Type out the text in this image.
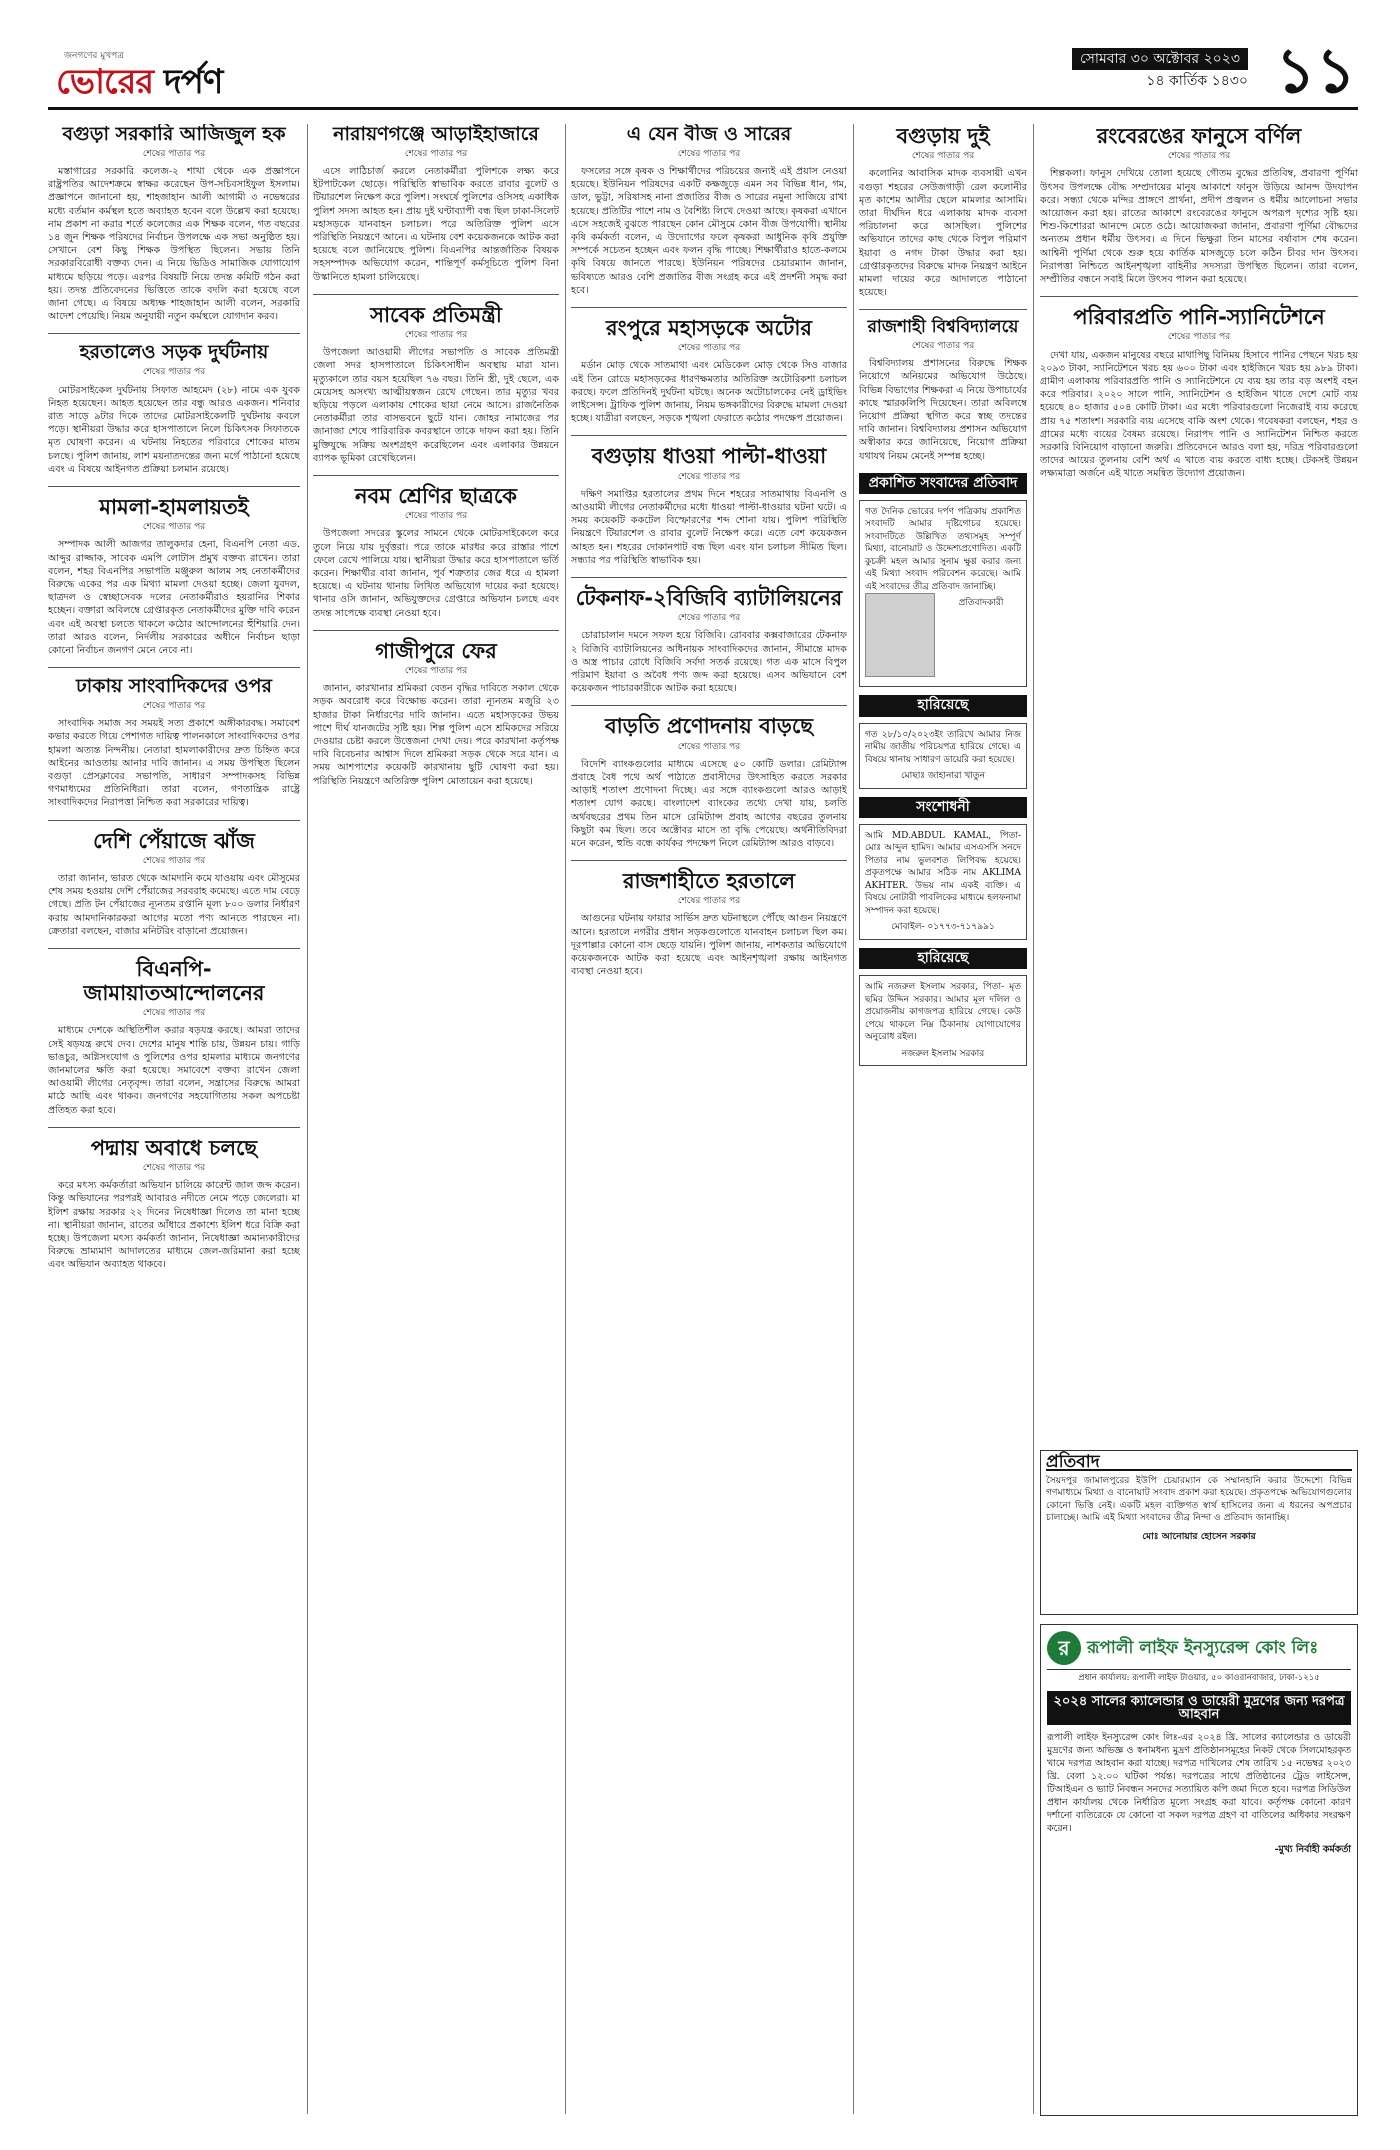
জনগণের মুখপত্র
ভোরের দর্পণ
সোমবার ৩০ অক্টোবর ২০২৩
১৪ কার্তিক ১৪৩০ ১১
বগুড়া সরকারি আজিজুল হক
শেষের পাতার পর

মস্তাগারের সরকারি কলেজ-২ শাখা থেকে এক প্রজ্ঞাপনে রাষ্ট্রপতির আদেশক্রমে স্বাক্ষর করেছেন উপ-সচিবসাইফুল ইসলাম। প্রজ্ঞাপনে জানানো হয়, শাহজাহান আলী আগামী ৩ নভেম্বরের মধ্যে বর্তমান কর্মস্থল হতে অব্যাহত হবেন বলে উল্লেখ করা হয়েছে। নাম প্রকাশ না করার শর্তে কলেজের এক শিক্ষক বলেন, গত বছরের ১৪ জুন শিক্ষক পরিষদের নির্বাচন উপলক্ষে এক সভা অনুষ্ঠিত হয়। সেখানে বেশ কিছু শিক্ষক উপস্থিত ছিলেন। সভায় তিনি সরকারবিরোধী বক্তব্য দেন। এ নিয়ে ভিডিও সামাজিক যোগাযোগ মাধ্যমে ছড়িয়ে পড়ে। এরপর বিষয়টি নিয়ে তদন্ত কমিটি গঠন করা হয়। তদন্ত প্রতিবেদনের ভিত্তিতে তাকে বদলি করা হয়েছে বলে জানা গেছে। এ বিষয়ে অধ্যক্ষ শাহজাহান আলী বলেন, সরকারি আদেশ পেয়েছি। নিয়ম অনুযায়ী নতুন কর্মস্থলে যোগদান করব।

হরতালেও সড়ক দুর্ঘটনায়
শেষের পাতার পর

মোটরসাইকেল দুর্ঘটনায় সিফাত আহমেদ (২৮) নামে এক যুবক নিহত হয়েছেন। আহত হয়েছেন তার বন্ধু আরও একজন। শনিবার রাত সাড়ে ৯টার দিকে তাদের মোটরসাইকেলটি দুর্ঘটনায় কবলে পড়ে। স্থানীয়রা উদ্ধার করে হাসপাতালে নিলে চিকিৎসক সিফাতকে মৃত ঘোষণা করেন। এ ঘটনায় নিহতের পরিবারে শোকের মাতম চলছে। পুলিশ জানায়, লাশ ময়নাতদন্তের জন্য মর্গে পাঠানো হয়েছে এবং এ বিষয়ে আইনগত প্রক্রিয়া চলমান রয়েছে।

মামলা-হামলায়তই
শেষের পাতার পর

সম্পাদক আলী আজগর তালুকদার হেনা, বিএনপি নেতা এড. আব্দুর রাজ্জাক, সাবেক এমপি লোটাস প্রমুখ বক্তব্য রাখেন। তারা বলেন, শহর বিএনপির সভাপতি মঞ্জুরুল আলম সহ নেতাকর্মীদের বিরুদ্ধে একের পর এক মিথ্যা মামলা দেওয়া হচ্ছে। জেলা যুবদল, ছাত্রদল ও স্বেচ্ছাসেবক দলের নেতাকর্মীরাও হয়রানির শিকার হচ্ছেন। বক্তারা অবিলম্বে গ্রেপ্তারকৃত নেতাকর্মীদের মুক্তি দাবি করেন এবং এই অবস্থা চলতে থাকলে কঠোর আন্দোলনের হুঁশিয়ারি দেন। তারা আরও বলেন, নির্দলীয় সরকারের অধীনে নির্বাচন ছাড়া কোনো নির্বাচন জনগণ মেনে নেবে না।

ঢাকায় সাংবাদিকদের ওপর
শেষের পাতার পর

সাংবাদিক সমাজ সব সময়ই সত্য প্রকাশে অঙ্গীকারবদ্ধ। সমাবেশ কভার করতে গিয়ে পেশাগত দায়িত্ব পালনকালে সাংবাদিকদের ওপর হামলা অত্যন্ত নিন্দনীয়। নেতারা হামলাকারীদের দ্রুত চিহ্নিত করে আইনের আওতায় আনার দাবি জানান। এ সময় উপস্থিত ছিলেন বগুড়া প্রেসক্লাবের সভাপতি, সাধারণ সম্পাদকসহ বিভিন্ন গণমাধ্যমের প্রতিনিধিরা। তারা বলেন, গণতান্ত্রিক রাষ্ট্রে সাংবাদিকদের নিরাপত্তা নিশ্চিত করা সরকারের দায়িত্ব।

দেশি পেঁয়াজে ঝাঁজ
শেষের পাতার পর

তারা জানান, ভারত থেকে আমদানি কমে যাওয়ায় এবং মৌসুমের শেষ সময় হওয়ায় দেশি পেঁয়াজের সরবরাহ কমেছে। এতে দাম বেড়ে গেছে। প্রতি টন পেঁয়াজের ন্যূনতম রপ্তানি মূল্য ৮০০ ডলার নির্ধারণ করায় আমদানিকারকরা আগের মতো পণ্য আনতে পারছেন না। ক্রেতারা বলছেন, বাজার মনিটরিং বাড়ানো প্রয়োজন।

বিএনপি-জামায়াতআন্দোলনের
শেষের পাতার পর

মাধ্যমে দেশকে অস্থিতিশীল করার ষড়যন্ত্র করছে। আমরা তাদের সেই ষড়যন্ত্র রুখে দেব। দেশের মানুষ শান্তি চায়, উন্নয়ন চায়। গাড়ি ভাঙচুর, অগ্নিসংযোগ ও পুলিশের ওপর হামলার মাধ্যমে জনগণের জানমালের ক্ষতি করা হয়েছে। সমাবেশে বক্তব্য রাখেন জেলা আওয়ামী লীগের নেতৃবৃন্দ। তারা বলেন, সন্ত্রাসের বিরুদ্ধে আমরা মাঠে আছি এবং থাকব। জনগণের সহযোগিতায় সকল অপচেষ্টা প্রতিহত করা হবে।

পদ্মায় অবাধে চলছে
শেষের পাতার পর

করে মৎস্য কর্মকর্তারা অভিযান চালিয়ে কারেন্ট জাল জব্দ করেন। কিন্তু অভিযানের পরপরই আবারও নদীতে নেমে পড়ে জেলেরা। মা ইলিশ রক্ষায় সরকার ২২ দিনের নিষেধাজ্ঞা দিলেও তা মানা হচ্ছে না। স্থানীয়রা জানান, রাতের আঁধারে প্রকাশ্যে ইলিশ ধরে বিক্রি করা হচ্ছে। উপজেলা মৎস্য কর্মকর্তা জানান, নিষেধাজ্ঞা অমান্যকারীদের বিরুদ্ধে ভ্রাম্যমাণ আদালতের মাধ্যমে জেল-জরিমানা করা হচ্ছে এবং অভিযান অব্যাহত থাকবে।

নারায়ণগঞ্জে আড়াইহাজারে
শেষের পাতার পর

এসে লাঠিচার্জ করলে নেতাকর্মীরা পুলিশকে লক্ষ্য করে ইটপাটকেল ছোড়ে। পরিস্থিতি স্বাভাবিক করতে রাবার বুলেট ও টিয়ারশেল নিক্ষেপ করে পুলিশ। সংঘর্ষে পুলিশের ওসিসহ একাধিক পুলিশ সদস্য আহত হন। প্রায় দুই ঘণ্টাব্যাপী বন্ধ ছিল ঢাকা-সিলেট মহাসড়কে যানবাহন চলাচল। পরে অতিরিক্ত পুলিশ এসে পরিস্থিতি নিয়ন্ত্রণে আনে। এ ঘটনায় বেশ কয়েকজনকে আটক করা হয়েছে বলে জানিয়েছে পুলিশ। বিএনপির আন্তর্জাতিক বিষয়ক সহসম্পাদক অভিযোগ করেন, শান্তিপূর্ণ কর্মসূচিতে পুলিশ বিনা উস্কানিতে হামলা চালিয়েছে।

সাবেক প্রতিমন্ত্রী
শেষের পাতার পর

উপজেলা আওয়ামী লীগের সভাপতি ও সাবেক প্রতিমন্ত্রী জেলা সদর হাসপাতালে চিকিৎসাধীন অবস্থায় মারা যান। মৃত্যুকালে তার বয়স হয়েছিল ৭৬ বছর। তিনি স্ত্রী, দুই ছেলে, এক মেয়েসহ অসংখ্য আত্মীয়স্বজন রেখে গেছেন। তার মৃত্যুর খবর ছড়িয়ে পড়লে এলাকায় শোকের ছায়া নেমে আসে। রাজনৈতিক নেতাকর্মীরা তার বাসভবনে ছুটে যান। জোহর নামাজের পর জানাজা শেষে পারিবারিক কবরস্থানে তাকে দাফন করা হয়। তিনি মুক্তিযুদ্ধে সক্রিয় অংশগ্রহণ করেছিলেন এবং এলাকার উন্নয়নে ব্যাপক ভূমিকা রেখেছিলেন।

নবম শ্রেণির ছাত্রকে
শেষের পাতার পর

উপজেলা সদরের স্কুলের সামনে থেকে মোটরসাইকেলে করে তুলে নিয়ে যায় দুর্বৃত্তরা। পরে তাকে মারধর করে রাস্তার পাশে ফেলে রেখে পালিয়ে যায়। স্থানীয়রা উদ্ধার করে হাসপাতালে ভর্তি করেন। শিক্ষার্থীর বাবা জানান, পূর্ব শত্রুতার জের ধরে এ হামলা হয়েছে। এ ঘটনায় থানায় লিখিত অভিযোগ দায়ের করা হয়েছে। থানার ওসি জানান, অভিযুক্তদের গ্রেপ্তারে অভিযান চলছে এবং তদন্ত সাপেক্ষে ব্যবস্থা নেওয়া হবে।

গাজীপুরে ফের
শেষের পাতার পর

জানান, কারখানার শ্রমিকরা বেতন বৃদ্ধির দাবিতে সকাল থেকে সড়ক অবরোধ করে বিক্ষোভ করেন। তারা ন্যূনতম মজুরি ২৩ হাজার টাকা নির্ধারণের দাবি জানান। এতে মহাসড়কের উভয় পাশে দীর্ঘ যানজটের সৃষ্টি হয়। শিল্প পুলিশ এসে শ্রমিকদের সরিয়ে দেওয়ার চেষ্টা করলে উত্তেজনা দেখা দেয়। পরে কারখানা কর্তৃপক্ষ দাবি বিবেচনার আশ্বাস দিলে শ্রমিকরা সড়ক থেকে সরে যান। এ সময় আশপাশের কয়েকটি কারখানায় ছুটি ঘোষণা করা হয়। পরিস্থিতি নিয়ন্ত্রণে অতিরিক্ত পুলিশ মোতায়েন করা হয়েছে।

এ যেন বীজ ও সারের
শেষের পাতার পর

ফসলের সঙ্গে কৃষক ও শিক্ষার্থীদের পরিচয়ের জন্যই এই প্রয়াস নেওয়া হয়েছে। ইউনিয়ন পরিষদের একটি কক্ষজুড়ে এমন সব বিভিন্ন ধান, গম, ডাল, ভুট্টা, সরিষাসহ নানা প্রজাতির বীজ ও সারের নমুনা সাজিয়ে রাখা হয়েছে। প্রতিটির পাশে নাম ও বৈশিষ্ট্য লিখে দেওয়া আছে। কৃষকরা এখানে এসে সহজেই বুঝতে পারছেন কোন মৌসুমে কোন বীজ উপযোগী। স্থানীয় কৃষি কর্মকর্তা বলেন, এ উদ্যোগের ফলে কৃষকরা আধুনিক কৃষি প্রযুক্তি সম্পর্কে সচেতন হচ্ছেন এবং ফলন বৃদ্ধি পাচ্ছে। শিক্ষার্থীরাও হাতে-কলমে কৃষি বিষয়ে জানতে পারছে। ইউনিয়ন পরিষদের চেয়ারম্যান জানান, ভবিষ্যতে আরও বেশি প্রজাতির বীজ সংগ্রহ করে এই প্রদর্শনী সমৃদ্ধ করা হবে।

রংপুরে মহাসড়কে অটোর
শেষের পাতার পর

মর্ডান মোড় থেকে সাতমাথা এবং মেডিকেল মোড় থেকে সিও বাজার এই তিন রোডে মহাসড়কের ধারণক্ষমতার অতিরিক্ত অটোরিকশা চলাচল করছে। ফলে প্রতিদিনই দুর্ঘটনা ঘটছে। অনেক অটোচালকের নেই ড্রাইভিং লাইসেন্স। ট্রাফিক পুলিশ জানায়, নিয়ম ভঙ্গকারীদের বিরুদ্ধে মামলা দেওয়া হচ্ছে। যাত্রীরা বলছেন, সড়কে শৃঙ্খলা ফেরাতে কঠোর পদক্ষেপ প্রয়োজন।

বগুড়ায় ধাওয়া পাল্টা-ধাওয়া
শেষের পাতার পর

দক্ষিণ সমাপ্তির হরতালের প্রথম দিনে শহরের সাতমাথায় বিএনপি ও আওয়ামী লীগের নেতাকর্মীদের মধ্যে ধাওয়া পাল্টা-ধাওয়ার ঘটনা ঘটে। এ সময় কয়েকটি ককটেল বিস্ফোরণের শব্দ শোনা যায়। পুলিশ পরিস্থিতি নিয়ন্ত্রণে টিয়ারশেল ও রাবার বুলেট নিক্ষেপ করে। এতে বেশ কয়েকজন আহত হন। শহরের দোকানপাট বন্ধ ছিল এবং যান চলাচল সীমিত ছিল। সন্ধ্যার পর পরিস্থিতি স্বাভাবিক হয়।

টেকনাফ-২বিজিবি ব্যাটালিয়নের
শেষের পাতার পর

চোরাচালান দমনে সফল হয়ে বিজিবি। রোববার কক্সবাজারের টেকনাফ ২ বিজিবি ব্যাটালিয়নের অধিনায়ক সাংবাদিকদের জানান, সীমান্তে মাদক ও অস্ত্র পাচার রোধে বিজিবি সর্বদা সতর্ক রয়েছে। গত এক মাসে বিপুল পরিমাণ ইয়াবা ও অবৈধ পণ্য জব্দ করা হয়েছে। এসব অভিযানে বেশ কয়েকজন পাচারকারীকে আটক করা হয়েছে।

বাড়তি প্রণোদনায় বাড়ছে
শেষের পাতার পর

বিদেশি ব্যাংকগুলোর মাধ্যমে এসেছে ৫০ কোটি ডলার। রেমিট্যান্স প্রবাহে বৈধ পথে অর্থ পাঠাতে প্রবাসীদের উৎসাহিত করতে সরকার আড়াই শতাংশ প্রণোদনা দিচ্ছে। এর সঙ্গে ব্যাংকগুলো আরও আড়াই শতাংশ যোগ করছে। বাংলাদেশ ব্যাংকের তথ্যে দেখা যায়, চলতি অর্থবছরের প্রথম তিন মাসে রেমিট্যান্স প্রবাহ আগের বছরের তুলনায় কিছুটা কম ছিল। তবে অক্টোবর মাসে তা বৃদ্ধি পেয়েছে। অর্থনীতিবিদরা মনে করেন, হুন্ডি বন্ধে কার্যকর পদক্ষেপ নিলে রেমিট্যান্স আরও বাড়বে।

রাজশাহীতে হরতালে
শেষের পাতার পর

আগুনের ঘটনায় ফায়ার সার্ভিস দ্রুত ঘটনাস্থলে পৌঁছে আগুন নিয়ন্ত্রণে আনে। হরতালে নগরীর প্রধান সড়কগুলোতে যানবাহন চলাচল ছিল কম। দূরপাল্লার কোনো বাস ছেড়ে যায়নি। পুলিশ জানায়, নাশকতার অভিযোগে কয়েকজনকে আটক করা হয়েছে এবং আইনশৃঙ্খলা রক্ষায় আইনগত ব্যবস্থা নেওয়া হবে।

বগুড়ায় দুই
শেষের পাতার পর

কলোনির আবাসিক মাদক ব্যবসায়ী এখন বগুড়া শহরের সেউজগাড়ী রেল কলোনীর মৃত কাশেম আলীর ছেলে মামলার আসামি। তারা দীর্ঘদিন ধরে এলাকায় মাদক ব্যবসা পরিচালনা করে আসছিল। পুলিশের অভিযানে তাদের কাছ থেকে বিপুল পরিমাণ ইয়াবা ও নগদ টাকা উদ্ধার করা হয়। গ্রেপ্তারকৃতদের বিরুদ্ধে মাদক নিয়ন্ত্রণ আইনে মামলা দায়ের করে আদালতে পাঠানো হয়েছে।

রাজশাহী বিশ্ববিদ্যালয়ে
শেষের পাতার পর

বিশ্ববিদ্যালয় প্রশাসনের বিরুদ্ধে শিক্ষক নিয়োগে অনিয়মের অভিযোগ উঠেছে। বিভিন্ন বিভাগের শিক্ষকরা এ নিয়ে উপাচার্যের কাছে স্মারকলিপি দিয়েছেন। তারা অবিলম্বে নিয়োগ প্রক্রিয়া স্থগিত করে স্বচ্ছ তদন্তের দাবি জানান। বিশ্ববিদ্যালয় প্রশাসন অভিযোগ অস্বীকার করে জানিয়েছে, নিয়োগ প্রক্রিয়া যথাযথ নিয়ম মেনেই সম্পন্ন হচ্ছে।

প্রকাশিত সংবাদের প্রতিবাদ
গত দৈনিক ভোরের দর্পণ পত্রিকায় প্রকাশিত সংবাদটি আমার দৃষ্টিগোচর হয়েছে। সংবাদটিতে উল্লিখিত তথ্যসমূহ সম্পূর্ণ মিথ্যা, বানোয়াট ও উদ্দেশ্যপ্রণোদিত। একটি কুচক্রী মহল আমার সুনাম ক্ষুণ্ণ করার জন্য এই মিথ্যা সংবাদ পরিবেশন করেছে। আমি এই সংবাদের তীব্র প্রতিবাদ জানাচ্ছি।
প্রতিবাদকারী
হারিয়েছে
গত ২৮/১০/২০২৩ইং তারিখে আমার নিজ নামীয় জাতীয় পরিচয়পত্র হারিয়ে গেছে। এ বিষয়ে থানায় সাধারণ ডায়েরি করা হয়েছে।
মোছাঃ জাহানারা খাতুন
সংশোধনী
আমি MD.ABDUL KAMAL, পিতা- মোঃ আব্দুল হামিদ। আমার এসএসসি সনদে পিতার নাম ভুলবশত লিপিবদ্ধ হয়েছে। প্রকৃতপক্ষে আমার সঠিক নাম AKLIMA AKHTER. উভয় নাম একই ব্যক্তি। এ বিষয়ে নোটারী পাবলিকের মাধ্যমে হলফনামা সম্পাদন করা হয়েছে।
মোবাইল- ০১৭৭৩-৭১৭৯৯১
হারিয়েছে
আমি নজরুল ইসলাম সরকার, পিতা- মৃত ছমির উদ্দিন সরকার। আমার মূল দলিল ও প্রয়োজনীয় কাগজপত্র হারিয়ে গেছে। কেউ পেয়ে থাকলে নিম্ন ঠিকানায় যোগাযোগের অনুরোধ রইল।
নজরুল ইসলাম সরকার
রংবেরঙের ফানুসে বর্ণিল
শেষের পাতার পর

শিল্পকলা। ফানুস দেখিয়ে তোলা হয়েছে গৌতম বুদ্ধের প্রতিবিম্ব, প্রবারণা পূর্ণিমা উৎসব উপলক্ষে বৌদ্ধ সম্প্রদায়ের মানুষ আকাশে ফানুস উড়িয়ে আনন্দ উদযাপন করে। সন্ধ্যা থেকে মন্দির প্রাঙ্গণে প্রার্থনা, প্রদীপ প্রজ্বলন ও ধর্মীয় আলোচনা সভার আয়োজন করা হয়। রাতের আকাশে রংবেরঙের ফানুসে অপরূপ দৃশ্যের সৃষ্টি হয়। শিশু-কিশোররা আনন্দে মেতে ওঠে। আয়োজকরা জানান, প্রবারণা পূর্ণিমা বৌদ্ধদের অন্যতম প্রধান ধর্মীয় উৎসব। এ দিনে ভিক্ষুরা তিন মাসের বর্ষাবাস শেষ করেন। আশ্বিনী পূর্ণিমা থেকে শুরু হয়ে কার্তিক মাসজুড়ে চলে কঠিন চীবর দান উৎসব। নিরাপত্তা নিশ্চিতে আইনশৃঙ্খলা বাহিনীর সদস্যরা উপস্থিত ছিলেন। তারা বলেন, সম্প্রীতির বন্ধনে সবাই মিলে উৎসব পালন করা হয়েছে।

পরিবারপ্রতি পানি-স্যানিটেশনে
শেষের পাতার পর

দেখা যায়, একজন মানুষের বছরে মাথাপিছু বিনিময় হিসাবে পানির পেছনে খরচ হয় ২০৯৩ টাকা, স্যানিটেশনে খরচ হয় ৬০০ টাকা এবং হাইজিনে খরচ হয় ৯৮৯ টাকা। গ্রামীণ এলাকায় পরিবারপ্রতি পানি ও স্যানিটেশনে যে ব্যয় হয় তার বড় অংশই বহন করে পরিবার। ২০২০ সালে পানি, স্যানিটেশন ও হাইজিন খাতে দেশে মোট ব্যয় হয়েছে ৪০ হাজার ৫০৪ কোটি টাকা। এর মধ্যে পরিবারগুলো নিজেরাই ব্যয় করেছে প্রায় ৭৫ শতাংশ। সরকারি ব্যয় এসেছে বাকি অংশ থেকে। গবেষকরা বলছেন, শহর ও গ্রামের মধ্যে ব্যয়ের বৈষম্য রয়েছে। নিরাপদ পানি ও স্যানিটেশন নিশ্চিত করতে সরকারি বিনিয়োগ বাড়ানো জরুরি। প্রতিবেদনে আরও বলা হয়, দরিদ্র পরিবারগুলো তাদের আয়ের তুলনায় বেশি অর্থ এ খাতে ব্যয় করতে বাধ্য হচ্ছে। টেকসই উন্নয়ন লক্ষ্যমাত্রা অর্জনে এই খাতে সমন্বিত উদ্যোগ প্রয়োজন।

প্রতিবাদ
সৈয়দপুর জামালপুরের ইউপি চেয়ারম্যান কে সম্মানহানি করার উদ্দেশ্যে বিভিন্ন গণমাধ্যমে মিথ্যা ও বানোয়াট সংবাদ প্রকাশ করা হয়েছে। প্রকৃতপক্ষে অভিযোগগুলোর কোনো ভিত্তি নেই। একটি মহল ব্যক্তিগত স্বার্থ হাসিলের জন্য এ ধরনের অপপ্রচার চালাচ্ছে। আমি এই মিথ্যা সংবাদের তীব্র নিন্দা ও প্রতিবাদ জানাচ্ছি।
মোঃ আনোয়ার হোসেন সরকার
র	রূপালী লাইফ ইনস্যুরেন্স কোং লিঃ
প্রধান কার্যালয়: রূপালী লাইফ টাওয়ার, ৫০ কাওরানবাজার, ঢাকা-১২১৫
২০২৪ সালের ক্যালেন্ডার ও ডায়েরী মুদ্রণের জন্য দরপত্র আহবান
রূপালী লাইফ ইনস্যুরেন্স কোং লিঃ-এর ২০২৪ খ্রি. সালের ক্যালেন্ডার ও ডায়েরী মুদ্রণের জন্য অভিজ্ঞ ও স্বনামধন্য মুদ্রণ প্রতিষ্ঠানসমূহের নিকট থেকে সিলমোহরকৃত খামে দরপত্র আহবান করা যাচ্ছে। দরপত্র দাখিলের শেষ তারিখ ১৫ নভেম্বর ২০২৩ খ্রি. বেলা ১২.০০ ঘটিকা পর্যন্ত। দরপত্রের সাথে প্রতিষ্ঠানের ট্রেড লাইসেন্স, টিআইএন ও ভ্যাট নিবন্ধন সনদের সত্যায়িত কপি জমা দিতে হবে। দরপত্র সিডিউল প্রধান কার্যালয় থেকে নির্ধারিত মূল্যে সংগ্রহ করা যাবে। কর্তৃপক্ষ কোনো কারণ দর্শানো ব্যতিরেকে যে কোনো বা সকল দরপত্র গ্রহণ বা বাতিলের অধিকার সংরক্ষণ করেন।
-মুখ্য নির্বাহী কর্মকর্তা
